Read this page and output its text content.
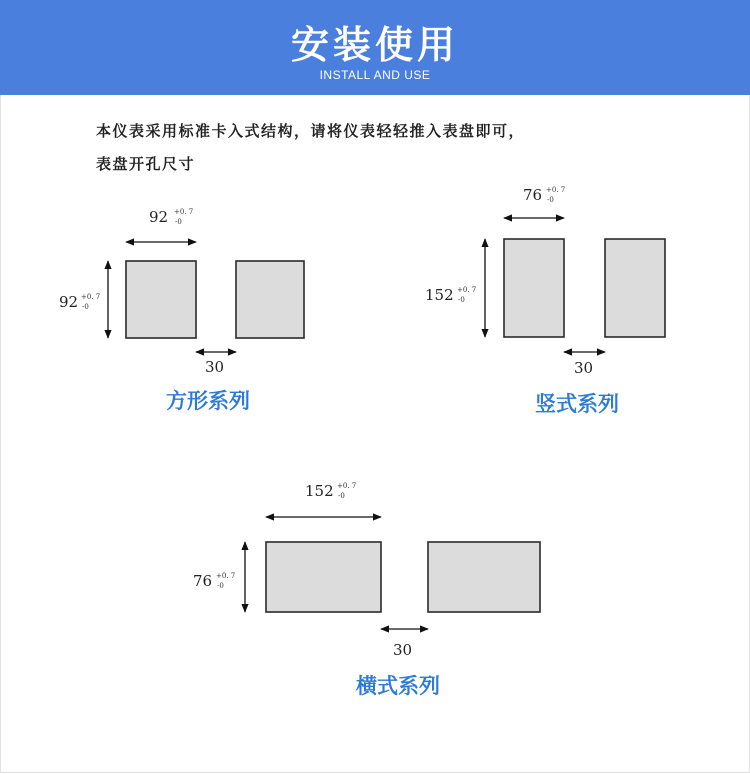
安装使用
INSTALL AND USE
本仪表采用标准卡入式结构，请将仪表轻轻推入表盘即可，
表盘开孔尺寸
92 +0. 7
-0
92 +0. 7
-0
30
方形系列
76 +0. 7
-0
152 +0. 7
-0
30
竖式系列
152 +0. 7
-0
76 +0. 7
-0
30
横式系列
